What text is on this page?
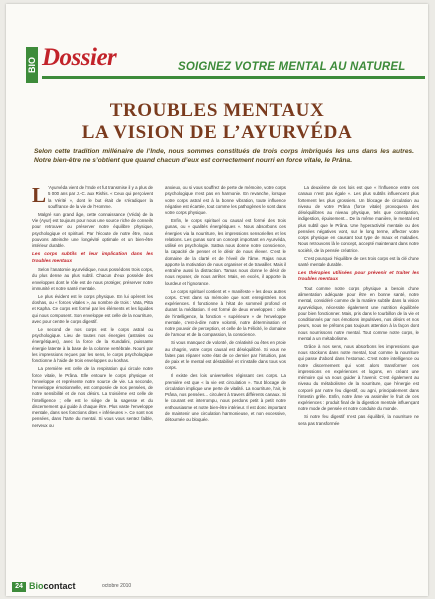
BIO Dossier	SOIGNEZ VOTRE MENTAL AU NATUREL
TROUBLES MENTAUX
LA VISION DE L’AYURVÉDA
Selon cette tradition millénaire de l’Inde, nous sommes constitués de trois corps imbriqués les uns dans les autres. Notre bien-être ne s’obtient que quand chacun d’eux est correctement nourri en force vitale, le Prâna.

L ’Ayurvéda vient de l’Inde et fut transmise il y a plus de 5 000 ans par J.-C. aux Rishis. « Ceux qui perçoivent la Vérité », dont le but était de s’éradiquer la souffrance de la vie de l’Homme.

Malgré son grand âge, cette connaissance (Véda) de la Vie (Ayur) est toujours pour nous une source riche de conseils pour retrouver ou préserver notre équilibre physique, psychologique et spirituel. Par l’écoute de notre être, nous pouvons atteindre une longévité optimale et un bien-être intérieur durable.

Les corps subtils et leur implication dans les troubles mentaux

Selon l’anatomie ayurvédique, nous possédons trois corps, du plus dense au plus subtil. Chacun d’eux possède des enveloppes dont le rôle est de nous protéger, préserver notre immunité et notre santé mentale.

Le plus évident est le corps physique. En lui opèrent les doshas, ou « forces vitales », au nombre de trois : Vata, Pitta et Kapha. Ce corps est formé par les éléments et les liquides qui nous composent. Son enveloppe est celle de la nourriture, avec pour centre le corps digestif.

Le second de nos corps est le corps astral ou psychologique. Lieu de toutes nos énergies (astrales ou énergétiques), avec la force de la Kundalini, puissante énergie latente à la base de la colonne vertébrale. Nourri par les impressions reçues par les sens, le corps psychologique fonctionne à l’aide de trois enveloppes ou koshas.

La première est celle de la respiration qui circule notre force vitale, le Prâna. Elle entoure le corps physique et l’enveloppe et représente notre source de vie. La seconde, l’enveloppe émotionnelle, est composée de nos pensées, de notre sensibilité et de nos désirs. La troisième est celle de l’intelligence ; elle est le siège de la sagesse et du discernement qui guide à chaque être. Plus vaste l’enveloppe mentale, dans ses fonctions dites « inférieures ». Ce sont nos pensées, dans l’tarte du mental. Si vous vous sentez faible, nerveux ou

anxieux, ou si vous souffrez de perte de mémoire, votre corps psychologique n’est pas en harmonie. En revanche, lorsque votre corps astral est à la bonne vibration, toute influence négative est écartée, tout comme les pathogènes le sont dans votre corps physique.

Enfin, le corps spirituel ou causal est formé des trois gunas, ou « qualités énergétiques ». Nous absorbons ces énergies via la nourriture, les impressions sensorielles et les relations. Les gunas sont un concept important en Ayurvéda, utilisé en psychologie. Sattva nous donne notre conscience, la capacité de penser et le désir de nous élever. C’est le domaine de la clarté et de l’éveil de l’âme. Rajas nous apporte la motivation de nous organiser et de travailler. Mais il entraîne aussi la distraction. Tamas nous donne le désir de nous reposer, de nous arrêter. Mais, en excès, il apporte la lourdeur et l’ignorance.

Le corps spirituel contient et « manifeste » les deux autres corps. C’est dans sa mémoire que sont enregistrées nos expériences. Il fonctionne à l’état de sommeil profond et durant la méditation. Il est formé de deux enveloppes : celle de l’intelligence, la fonction « supérieure » de l’enveloppe mentale, c’est-à-dire notre volonté, notre détermination et notre pouvoir de perception, et celle de la Félicité, le domaine de l’amour et de la compassion, la conscience.

Si vous manquez de volonté, de créativité ou êtes en proie au chagrin, votre corps causal est déséquilibré. Si vous ne faites pas réparer votre état de ce dernier par l’intuition, pas de paix et le mental est déstabilisé et s’installe dans tous vos corps.

Il existe des lois universelles régissant ces corps. La première est que « la vie est circulation ». Tout blocage de circulation implique une perte de vitalité. La nourriture, l’air, le Prâna, nos pensées... circulent à travers différents canaux. Si le courant est interrompu, nous perdons petit à petit notre enthousiasme et notre bien-être intérieur. Il est donc important de maintenir une circulation harmonieuse, et non excessive, détournée ou bloquée.

La deuxième de ces lois est que « l’influence entre ces canaux n’est pas égale ». Les plus subtils influencent plus fortement les plus grossiers. Un blocage de circulation au niveau de votre Prâna (force vitale) provoquera des déséquilibres au niveau physique, tels que constipation, indigestion, épuisement... De la même manière, le mental est plus subtil que le Prâna. Une hyperactivité mentale ou des pensées négatives vont, sur le long terme, affecter votre corps physique en causant tout type de maux et maladies. Nous retrouvons là le concept, accepté maintenant dans notre société, de la pensée créatrice.

C’est pourquoi l’équilibre de ces trois corps est la clé d’une santé mentale durable.

Les thérapies utilisées pour prévenir et traiter les troubles mentaux

Tout comme notre corps physique a besoin d’une alimentation adéquate pour être en bonne santé, notre mental, considéré comme de la matière subtile dans la vision ayurvédique, nécessite également une nutrition équilibrée pour bien fonctionner. Mais, pris dans le tourbillon de la vie et conditionnés par nos émotions impulsives, nos désirs et nos peurs, nous ne prêtons pas toujours attention à la façon dont nous nourrissons notre mental. Tout comme notre corps, le mental a un métabolisme.

Grâce à nos sens, nous absorbons les impressions que nous stockons dans notre mental, tout comme la nourriture qui passe d’abord dans l’estomac. C’est notre intelligence ou notre discernement qui vont alors transformer ces impressions en expériences et logons, en créant une mémoire qui va nous guider à l’avenir. C’est également au niveau du métabolisme de la nourriture, que l’énergie est corporé par notre feu digestif, ou agni, principalement dans l’intestin grêle. Enfin, notre âme va assimiler le fruit de ces expériences : produit final de la digestion mentale influençant notre mode de pensée et notre conduite du monde.

Si notre feu digestif n’est pas équilibré, la nourriture ne sera pas transformée

24 Biocontact	octobre 2010
